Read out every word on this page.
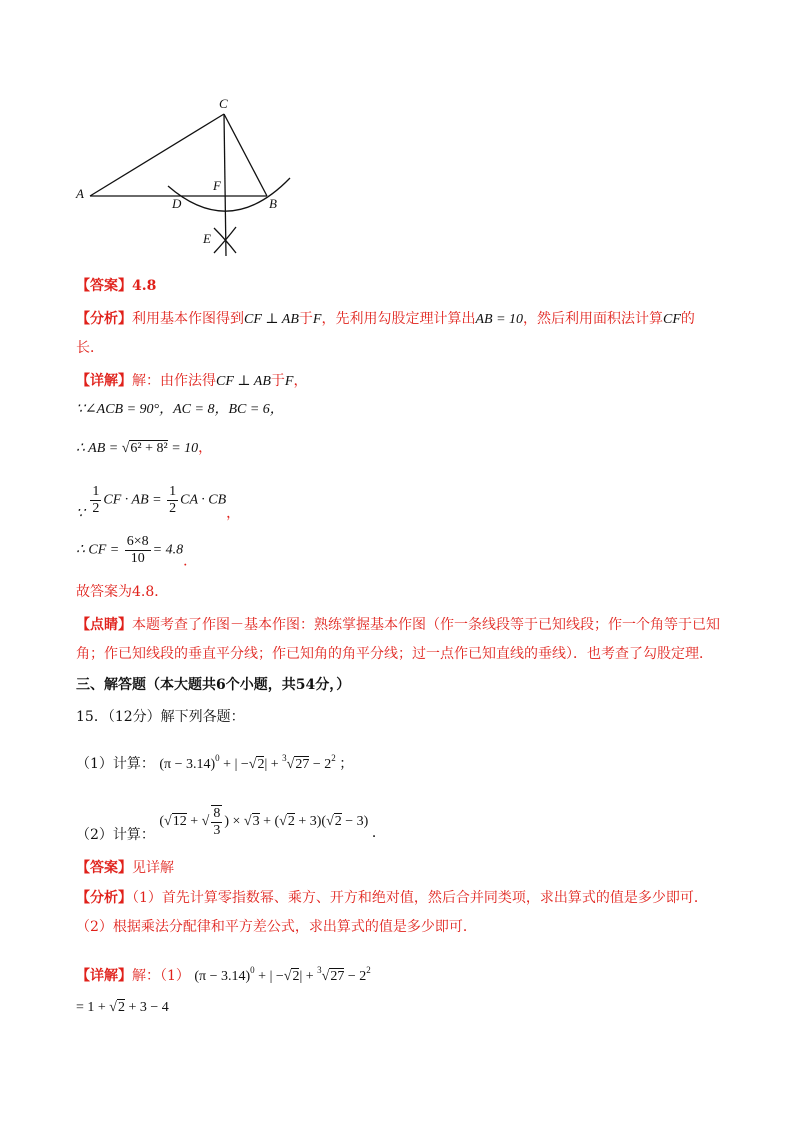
C
A
F
D	B
E
【答案】4.8
【分析】利用基本作图得到CF ⊥ AB于F，先利用勾股定理计算出AB = 10，然后利用面积法计算CF的
长．
【详解】解：由作法得CF ⊥ AB于F，
∵∠ACB = 90°，AC = 8，BC = 6，
∴ AB = √6² + 8² = 10，
∵ $\frac{1}{2}$ CF · AB = $\frac{1}{2}$ CA · CB，
∴ CF = $\frac{6\times 8}{10} = 4.8$．
故答案为4.8．
【点睛】本题考查了作图－基本作图：熟练掌握基本作图（作一条线段等于已知线段；作一个角等于已知
角；作已知线段的垂直平分线；作已知角的角平分线；过一点作已知直线的垂线）．也考查了勾股定理．
三、解答题（本大题共6个小题，共54分，）
15．（12分）解下列各题：
（1）计算： $(\pi - 3.14)^0$ + | $-√2| + ^3√27 - 2^2$ ；
（2）计算： (√12 + √ $\frac{8}{3}$ ) × √3 + (√2 + 3)(√2 − 3) ．
【答案】见详解
【分析】（1）首先计算零指数幂、乘方、开方和绝对值，然后合并同类项，求出算式的值是多少即可．
（2）根据乘法分配律和平方差公式，求出算式的值是多少即可．
【详解】解：（1） $(\pi - 3.14)^0$ + | $-√2| + ^3√27 - 2^2$
= 1 + √2 + 3 − 4
